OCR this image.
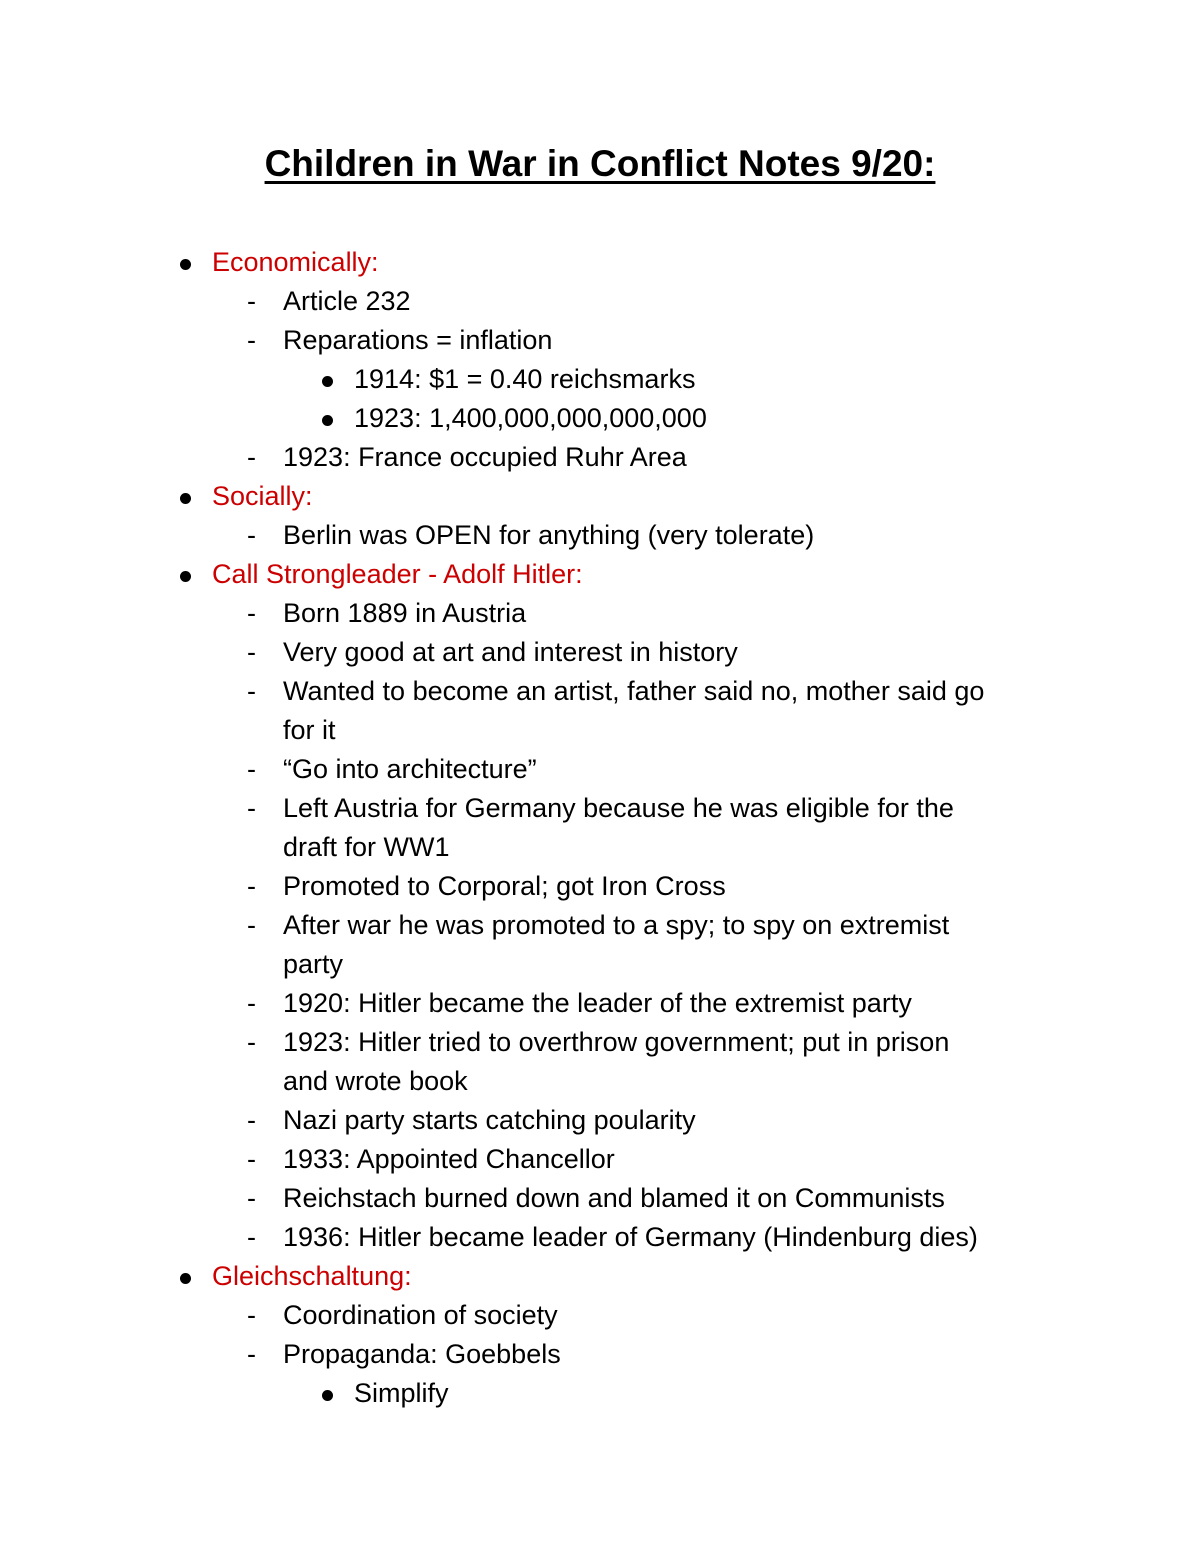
Children in War in Conflict Notes 9/20:
Economically:
- Article 232
- Reparations = inflation
1914: $1 = 0.40 reichsmarks
1923: 1,400,000,000,000,000
- 1923: France occupied Ruhr Area
Socially:
- Berlin was OPEN for anything (very tolerate)
Call Strongleader - Adolf Hitler:
- Born 1889 in Austria
- Very good at art and interest in history
- Wanted to become an artist, father said no, mother said go
for it
- “Go into architecture”
- Left Austria for Germany because he was eligible for the
draft for WW1
- Promoted to Corporal; got Iron Cross
- After war he was promoted to a spy; to spy on extremist
party
- 1920: Hitler became the leader of the extremist party
- 1923: Hitler tried to overthrow government; put in prison
and wrote book
- Nazi party starts catching poularity
- 1933: Appointed Chancellor
- Reichstach burned down and blamed it on Communists
- 1936: Hitler became leader of Germany (Hindenburg dies)
Gleichschaltung:
- Coordination of society
- Propaganda: Goebbels
Simplify
